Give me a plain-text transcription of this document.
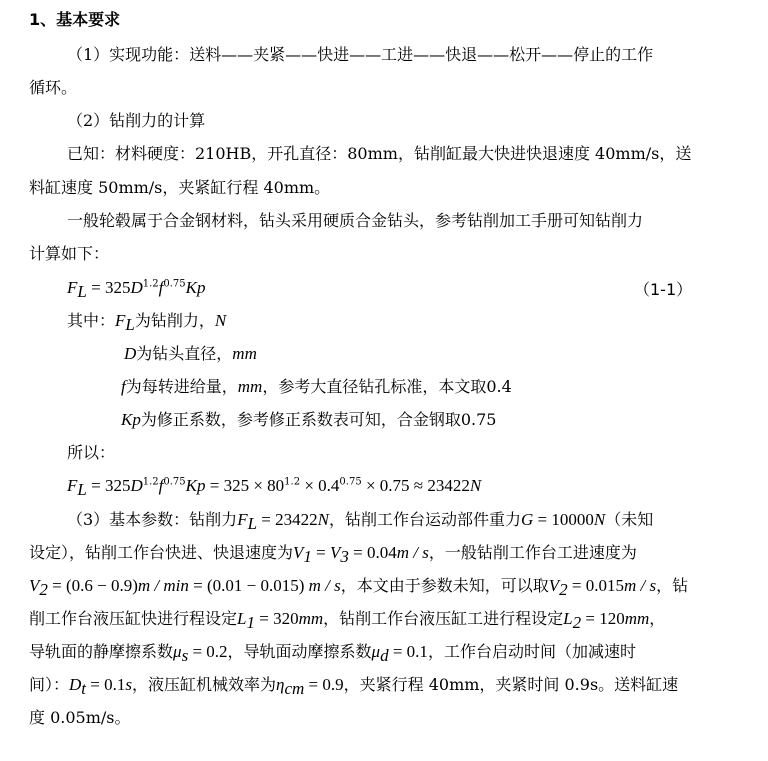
1、基本要求
（1）实现功能：送料——夹紧——快进——工进——快退——松开——停止的工作
循环。
（2）钻削力的计算
已知：材料硬度：210HB，开孔直径：80mm，钻削缸最大快进快退速度 40mm/s，送
料缸速度 50mm/s，夹紧缸行程 40mm。
一般轮毂属于合金钢材料，钻头采用硬质合金钻头，参考钻削加工手册可知钻削力
计算如下：
$F_L = 325D^{1.2}f^{0.75}Kp$	（1-1）
其中：$F_L$为钻削力，N
D为钻头直径，mm
f为每转进给量，mm，参考大直径钻孔标准，本文取0.4
Kp为修正系数，参考修正系数表可知，合金钢取0.75
所以：
$F_L = 325D^{1.2}f^{0.75}Kp = 325 \times 80^{1.2} \times 0.4^{0.75} \times 0.75 \approx 23422N$
（3）基本参数：钻削力$F_L = 23422N$，钻削工作台运动部件重力G = 10000N（未知
设定），钻削工作台快进、快退速度为$V_1 = V_3 = 0.04m / s$，一般钻削工作台工进速度为
$V_2 = (0.6 - 0.9)m / \min = (0.01 - 0.015)$ m / s，本文由于参数未知，可以取$V_2 = 0.015m / s$，钻
削工作台液压缸快进行程设定$L_1 = 320mm$，钻削工作台液压缸工进行程设定$L_2 = 120mm$，
导轨面的静摩擦系数$\mu_s = 0.2$，导轨面动摩擦系数$\mu_d = 0.1$，工作台启动时间（加减速时
间）：$D_t = 0.1s$，液压缸机械效率为$\eta_{cm} = 0.9$，夹紧行程 40mm，夹紧时间 0.9s。送料缸速
度 0.05m/s。
